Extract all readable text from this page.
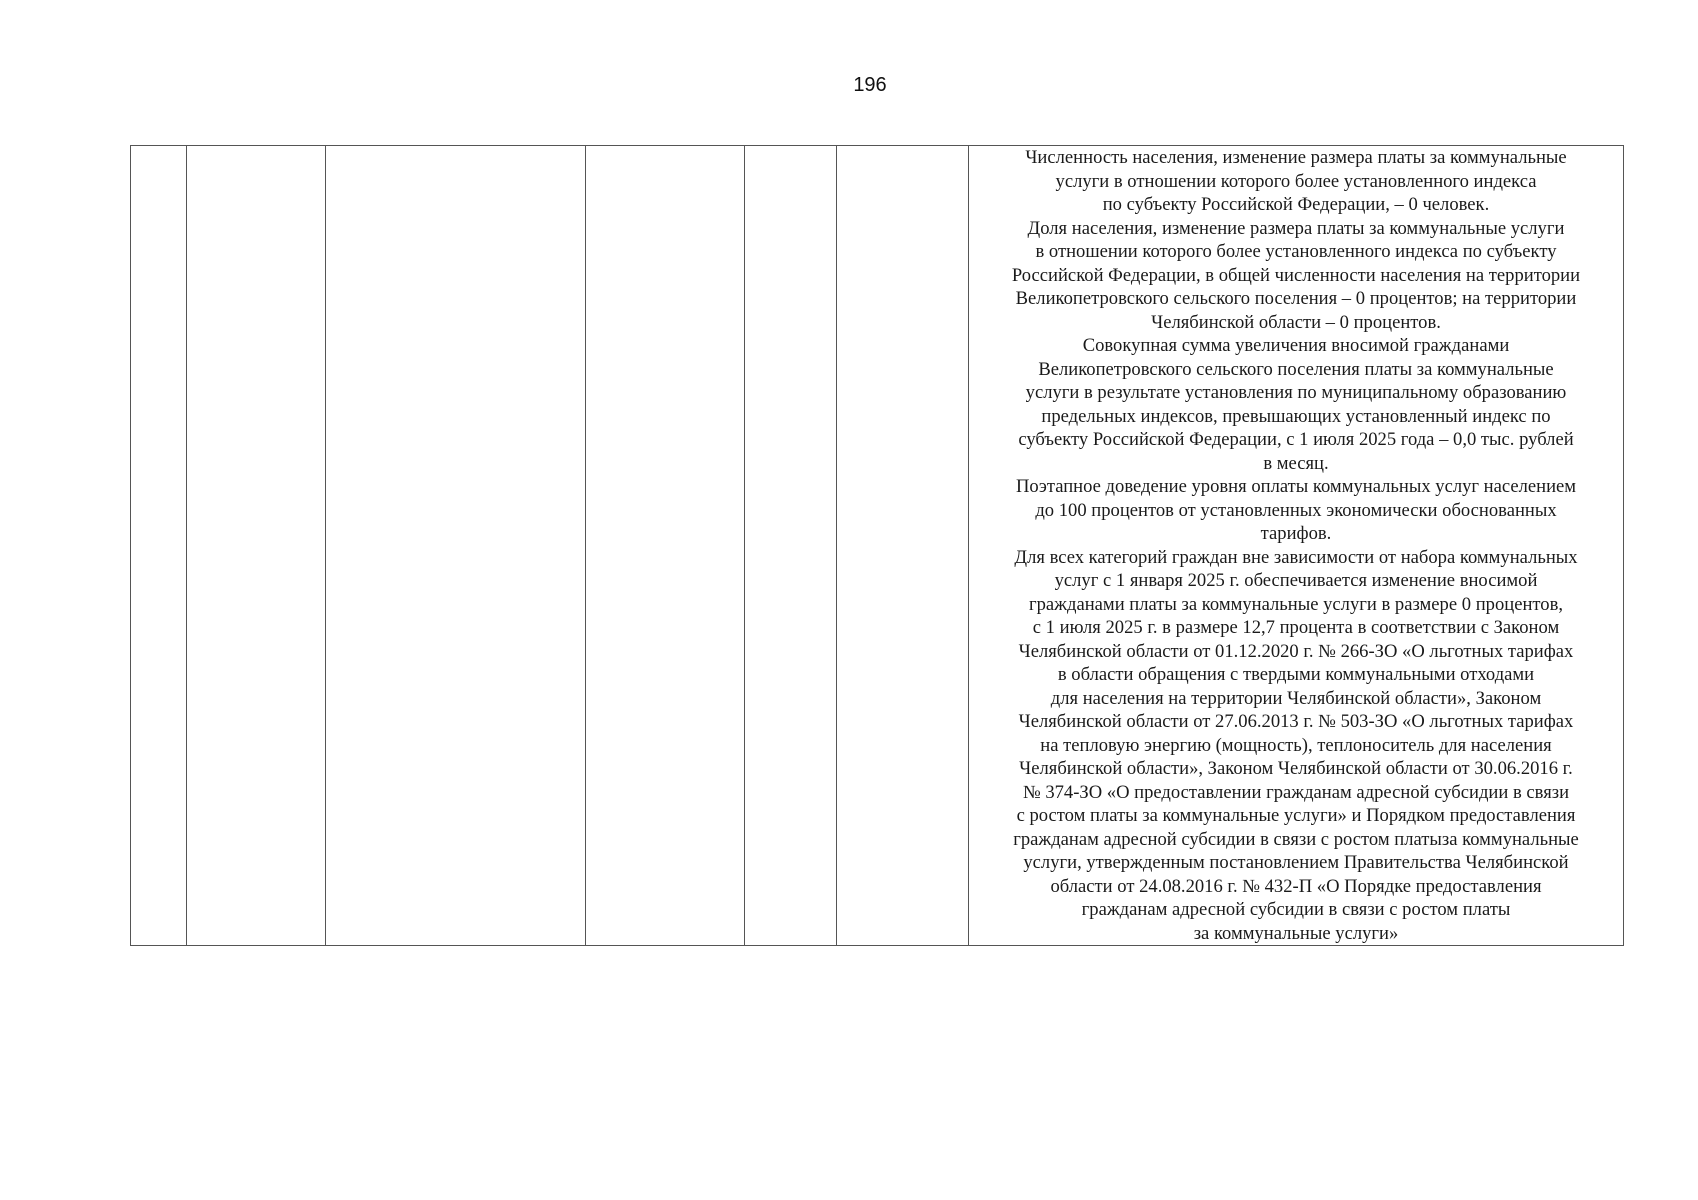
196

Численность населения, изменение размера платы за коммунальные
услуги в отношении которого более установленного индекса
по субъекту Российской Федерации, – 0 человек.
Доля населения, изменение размера платы за коммунальные услуги
в отношении которого более установленного индекса по субъекту
Российской Федерации, в общей численности населения на территории
Великопетровского сельского поселения – 0 процентов; на территории
Челябинской области – 0 процентов.
Совокупная сумма увеличения вносимой гражданами
Великопетровского сельского поселения платы за коммунальные
услуги в результате установления по муниципальному образованию
предельных индексов, превышающих установленный индекс по
субъекту Российской Федерации, с 1 июля 2025 года – 0,0 тыс. рублей
в месяц.
Поэтапное доведение уровня оплаты коммунальных услуг населением
до 100 процентов от установленных экономически обоснованных
тарифов.
Для всех категорий граждан вне зависимости от набора коммунальных
услуг с 1 января 2025 г. обеспечивается изменение вносимой
гражданами платы за коммунальные услуги в размере 0 процентов,
с 1 июля 2025 г. в размере 12,7 процента в соответствии с Законом
Челябинской области от 01.12.2020 г. № 266-ЗО «О льготных тарифах
в области обращения с твердыми коммунальными отходами
для населения на территории Челябинской области», Законом
Челябинской области от 27.06.2013 г. № 503-ЗО «О льготных тарифах
на тепловую энергию (мощность), теплоноситель для населения
Челябинской области», Законом Челябинской области от 30.06.2016 г.
№ 374-ЗО «О предоставлении гражданам адресной субсидии в связи
с ростом платы за коммунальные услуги» и Порядком предоставления
гражданам адресной субсидии в связи с ростом платыза коммунальные
услуги, утвержденным постановлением Правительства Челябинской
области от 24.08.2016 г. № 432-П «О Порядке предоставления
гражданам адресной субсидии в связи с ростом платы
за коммунальные услуги»
